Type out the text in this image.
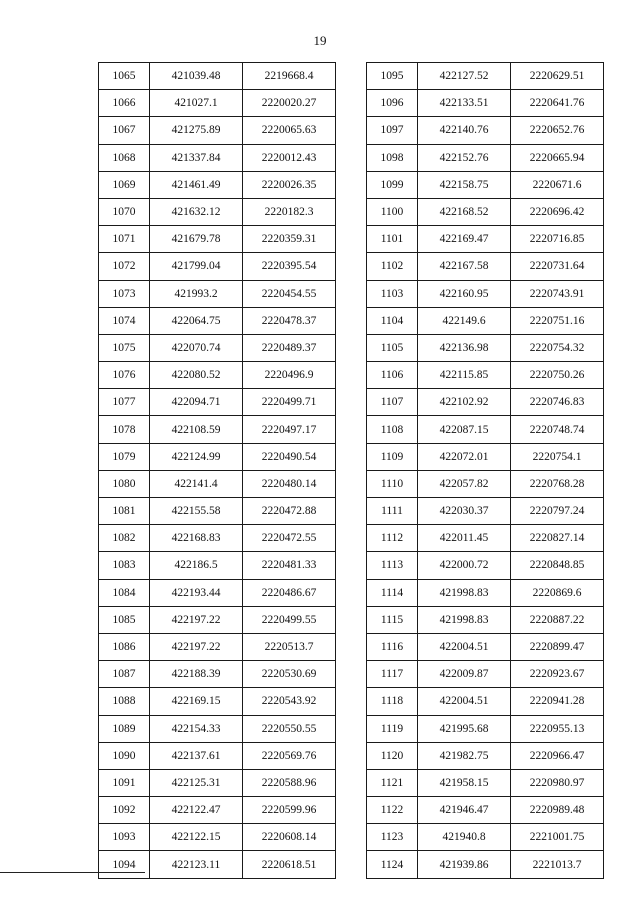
19
1065	421039.48	2219668.4
1066	421027.1	2220020.27
1067	421275.89	2220065.63
1068	421337.84	2220012.43
1069	421461.49	2220026.35
1070	421632.12	2220182.3
1071	421679.78	2220359.31
1072	421799.04	2220395.54
1073	421993.2	2220454.55
1074	422064.75	2220478.37
1075	422070.74	2220489.37
1076	422080.52	2220496.9
1077	422094.71	2220499.71
1078	422108.59	2220497.17
1079	422124.99	2220490.54
1080	422141.4	2220480.14
1081	422155.58	2220472.88
1082	422168.83	2220472.55
1083	422186.5	2220481.33
1084	422193.44	2220486.67
1085	422197.22	2220499.55
1086	422197.22	2220513.7
1087	422188.39	2220530.69
1088	422169.15	2220543.92
1089	422154.33	2220550.55
1090	422137.61	2220569.76
1091	422125.31	2220588.96
1092	422122.47	2220599.96
1093	422122.15	2220608.14
1094	422123.11	2220618.51
1095	422127.52	2220629.51
1096	422133.51	2220641.76
1097	422140.76	2220652.76
1098	422152.76	2220665.94
1099	422158.75	2220671.6
1100	422168.52	2220696.42
1101	422169.47	2220716.85
1102	422167.58	2220731.64
1103	422160.95	2220743.91
1104	422149.6	2220751.16
1105	422136.98	2220754.32
1106	422115.85	2220750.26
1107	422102.92	2220746.83
1108	422087.15	2220748.74
1109	422072.01	2220754.1
1110	422057.82	2220768.28
1111	422030.37	2220797.24
1112	422011.45	2220827.14
1113	422000.72	2220848.85
1114	421998.83	2220869.6
1115	421998.83	2220887.22
1116	422004.51	2220899.47
1117	422009.87	2220923.67
1118	422004.51	2220941.28
1119	421995.68	2220955.13
1120	421982.75	2220966.47
1121	421958.15	2220980.97
1122	421946.47	2220989.48
1123	421940.8	2221001.75
1124	421939.86	2221013.7
